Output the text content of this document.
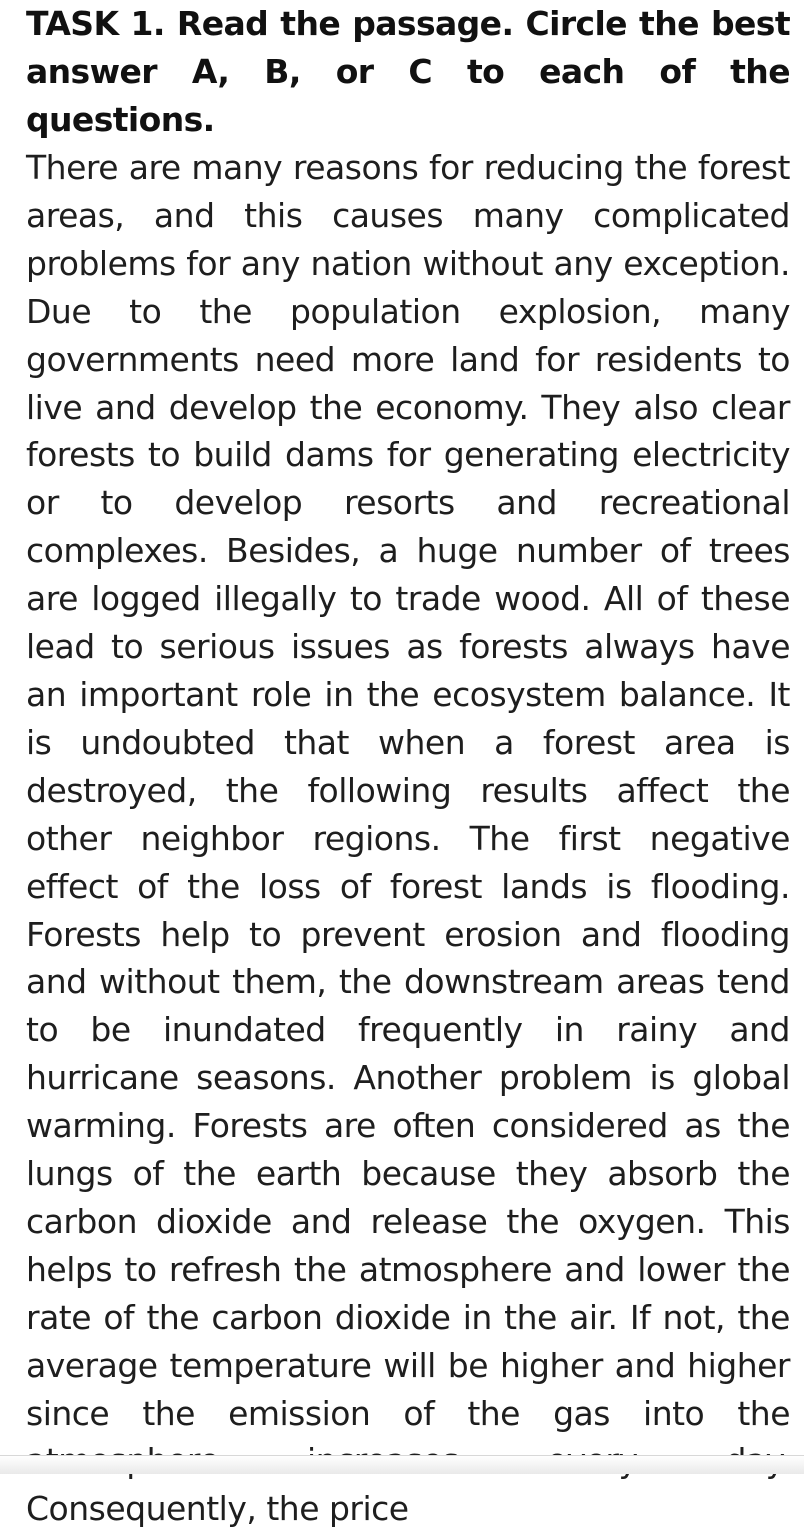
TASK 1. Read the passage. Circle the best answer A, B, or C to each of the questions.

There are many reasons for reducing the forest areas, and this causes many complicated problems for any nation without any exception. Due to the population explosion, many governments need more land for residents to live and develop the economy. They also clear forests to build dams for generating electricity or to develop resorts and recreational complexes. Besides, a huge number of trees are logged illegally to trade wood. All of these lead to serious issues as forests always have an important role in the ecosystem balance. It is undoubted that when a forest area is destroyed, the following results affect the other neighbor regions. The first negative effect of the loss of forest lands is flooding. Forests help to prevent erosion and flooding and without them, the downstream areas tend to be inundated frequently in rainy and hurricane seasons. Another problem is global warming. Forests are often considered as the lungs of the earth because they absorb the carbon dioxide and release the oxygen. This helps to refresh the atmosphere and lower the rate of the carbon dioxide in the air. If not, the average temperature will be higher and higher since the emission of the gas into the Consequently, the price
